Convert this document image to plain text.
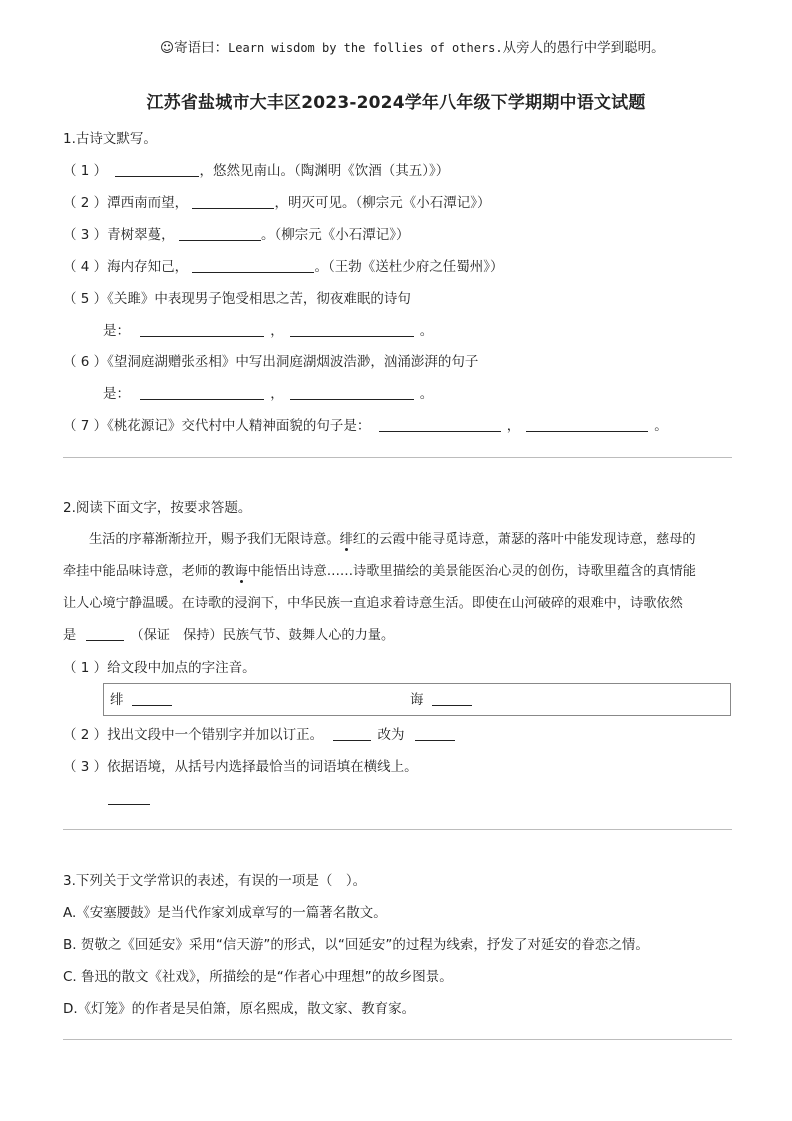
☺寄语曰：Learn wisdom by the follies of others.从旁人的愚行中学到聪明。
江苏省盐城市大丰区2023-2024学年八年级下学期期中语文试题
1.古诗文默写。
（ 1 ）	，悠然见南山。（陶渊明《饮酒（其五）》）
（ 2 ）潭西南而望，	，明灭可见。（柳宗元《小石潭记》）
（ 3 ）青树翠蔓，	。（柳宗元《小石潭记》）
（ 4 ）海内存知己，	。（王勃《送杜少府之任蜀州》）
（ 5 ）《关雎》中表现男子饱受相思之苦，彻夜难眠的诗句
是：	，	。
（ 6 ）《望洞庭湖赠张丞相》中写出洞庭湖烟波浩渺，汹涌澎湃的句子
是：	，	。
（ 7 ）《桃花源记》交代村中人精神面貌的句子是：	，	。
2.阅读下面文字，按要求答题。
生活的序幕渐渐拉开，赐予我们无限诗意。绯红的云霞中能寻觅诗意，萧瑟的落叶中能发现诗意，慈母的
牵挂中能品味诗意，老师的教诲中能悟出诗意……诗歌里描绘的美景能医治心灵的创伤，诗歌里蕴含的真情能
让人心境宁静温暖。在诗歌的浸润下，中华民族一直追求着诗意生活。即使在山河破碎的艰难中，诗歌依然
是	（保证　保持）民族气节、鼓舞人心的力量。
（ 1 ）给文段中加点的字注音。
绯	诲
（ 2 ）找出文段中一个错别字并加以订正。	改为
（ 3 ）依据语境，从括号内选择最恰当的词语填在横线上。
3.下列关于文学常识的表述，有误的一项是（　）。
A.《安塞腰鼓》是当代作家刘成章写的一篇著名散文。
B. 贺敬之《回延安》采用“信天游”的形式，以“回延安”的过程为线索，抒发了对延安的眷恋之情。
C. 鲁迅的散文《社戏》，所描绘的是“作者心中理想”的故乡图景。
D.《灯笼》的作者是吴伯箫，原名熙成，散文家、教育家。
